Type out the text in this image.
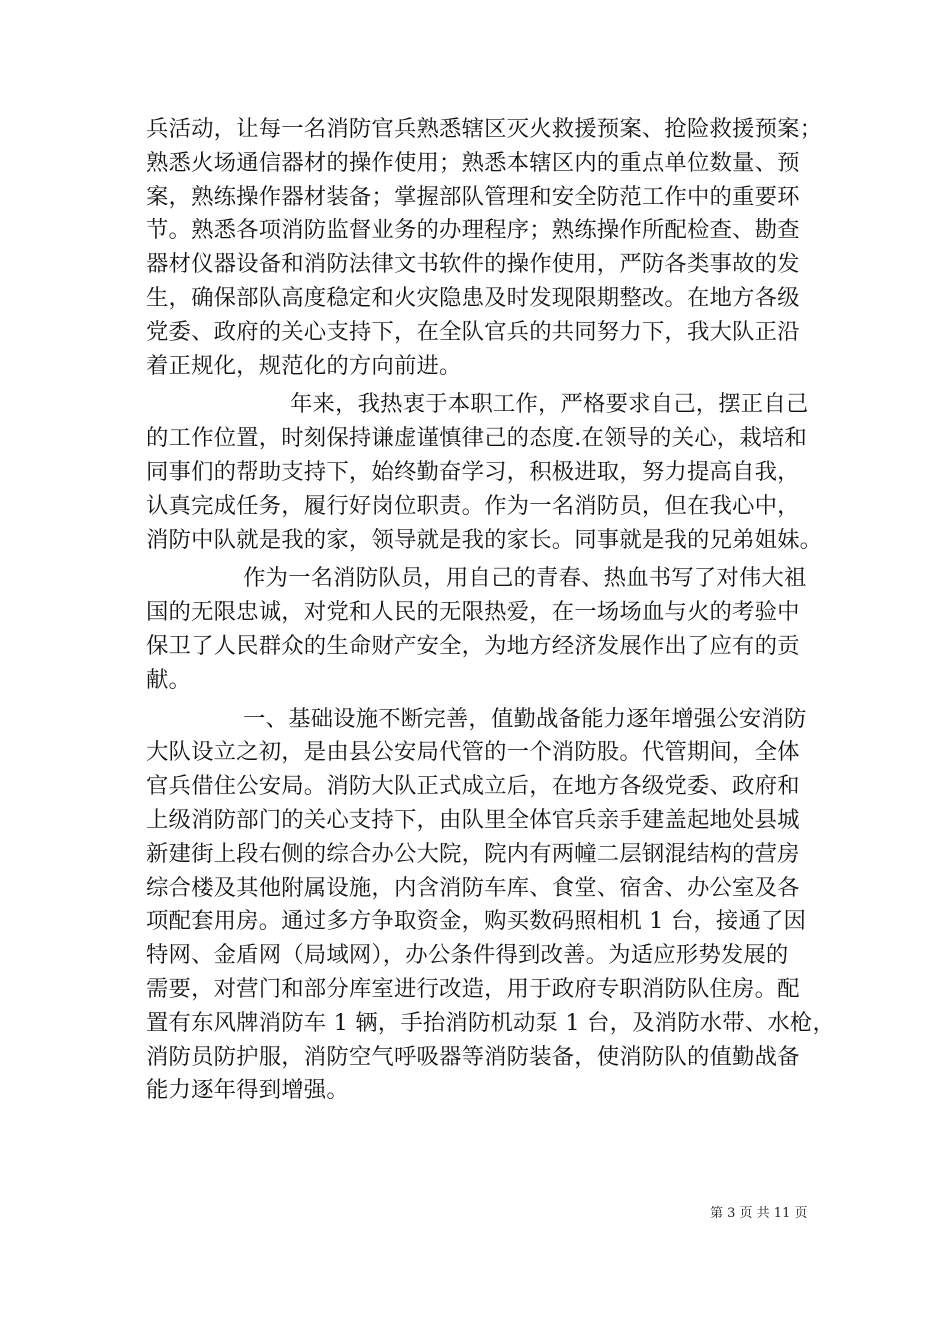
兵活动，让每一名消防官兵熟悉辖区灭火救援预案、抢险救援预案；
熟悉火场通信器材的操作使用；熟悉本辖区内的重点单位数量、预
案，熟练操作器材装备；掌握部队管理和安全防范工作中的重要环
节。熟悉各项消防监督业务的办理程序；熟练操作所配检查、勘查
器材仪器设备和消防法律文书软件的操作使用，严防各类事故的发
生，确保部队高度稳定和火灾隐患及时发现限期整改。在地方各级
党委、政府的关心支持下，在全队官兵的共同努力下，我大队正沿
着正规化，规范化的方向前进。
年来，我热衷于本职工作，严格要求自己，摆正自己
的工作位置，时刻保持谦虚谨慎律己的态度.在领导的关心，栽培和
同事们的帮助支持下，始终勤奋学习，积极进取，努力提高自我，
认真完成任务，履行好岗位职责。作为一名消防员，但在我心中，
消防中队就是我的家，领导就是我的家长。同事就是我的兄弟姐妹。
作为一名消防队员，用自己的青春、热血书写了对伟大祖
国的无限忠诚，对党和人民的无限热爱，在一场场血与火的考验中
保卫了人民群众的生命财产安全，为地方经济发展作出了应有的贡
献。
一、基础设施不断完善，值勤战备能力逐年增强公安消防
大队设立之初，是由县公安局代管的一个消防股。代管期间，全体
官兵借住公安局。消防大队正式成立后，在地方各级党委、政府和
上级消防部门的关心支持下，由队里全体官兵亲手建盖起地处县城
新建街上段右侧的综合办公大院，院内有两幢二层钢混结构的营房
综合楼及其他附属设施，内含消防车库、食堂、宿舍、办公室及各
项配套用房。通过多方争取资金，购买数码照相机 1 台，接通了因
特网、金盾网（局域网），办公条件得到改善。为适应形势发展的
需要，对营门和部分库室进行改造，用于政府专职消防队住房。配
置有东风牌消防车 1 辆，手抬消防机动泵 1 台，及消防水带、水枪，
消防员防护服，消防空气呼吸器等消防装备，使消防队的值勤战备
能力逐年得到增强。
第 3 页 共 11 页
